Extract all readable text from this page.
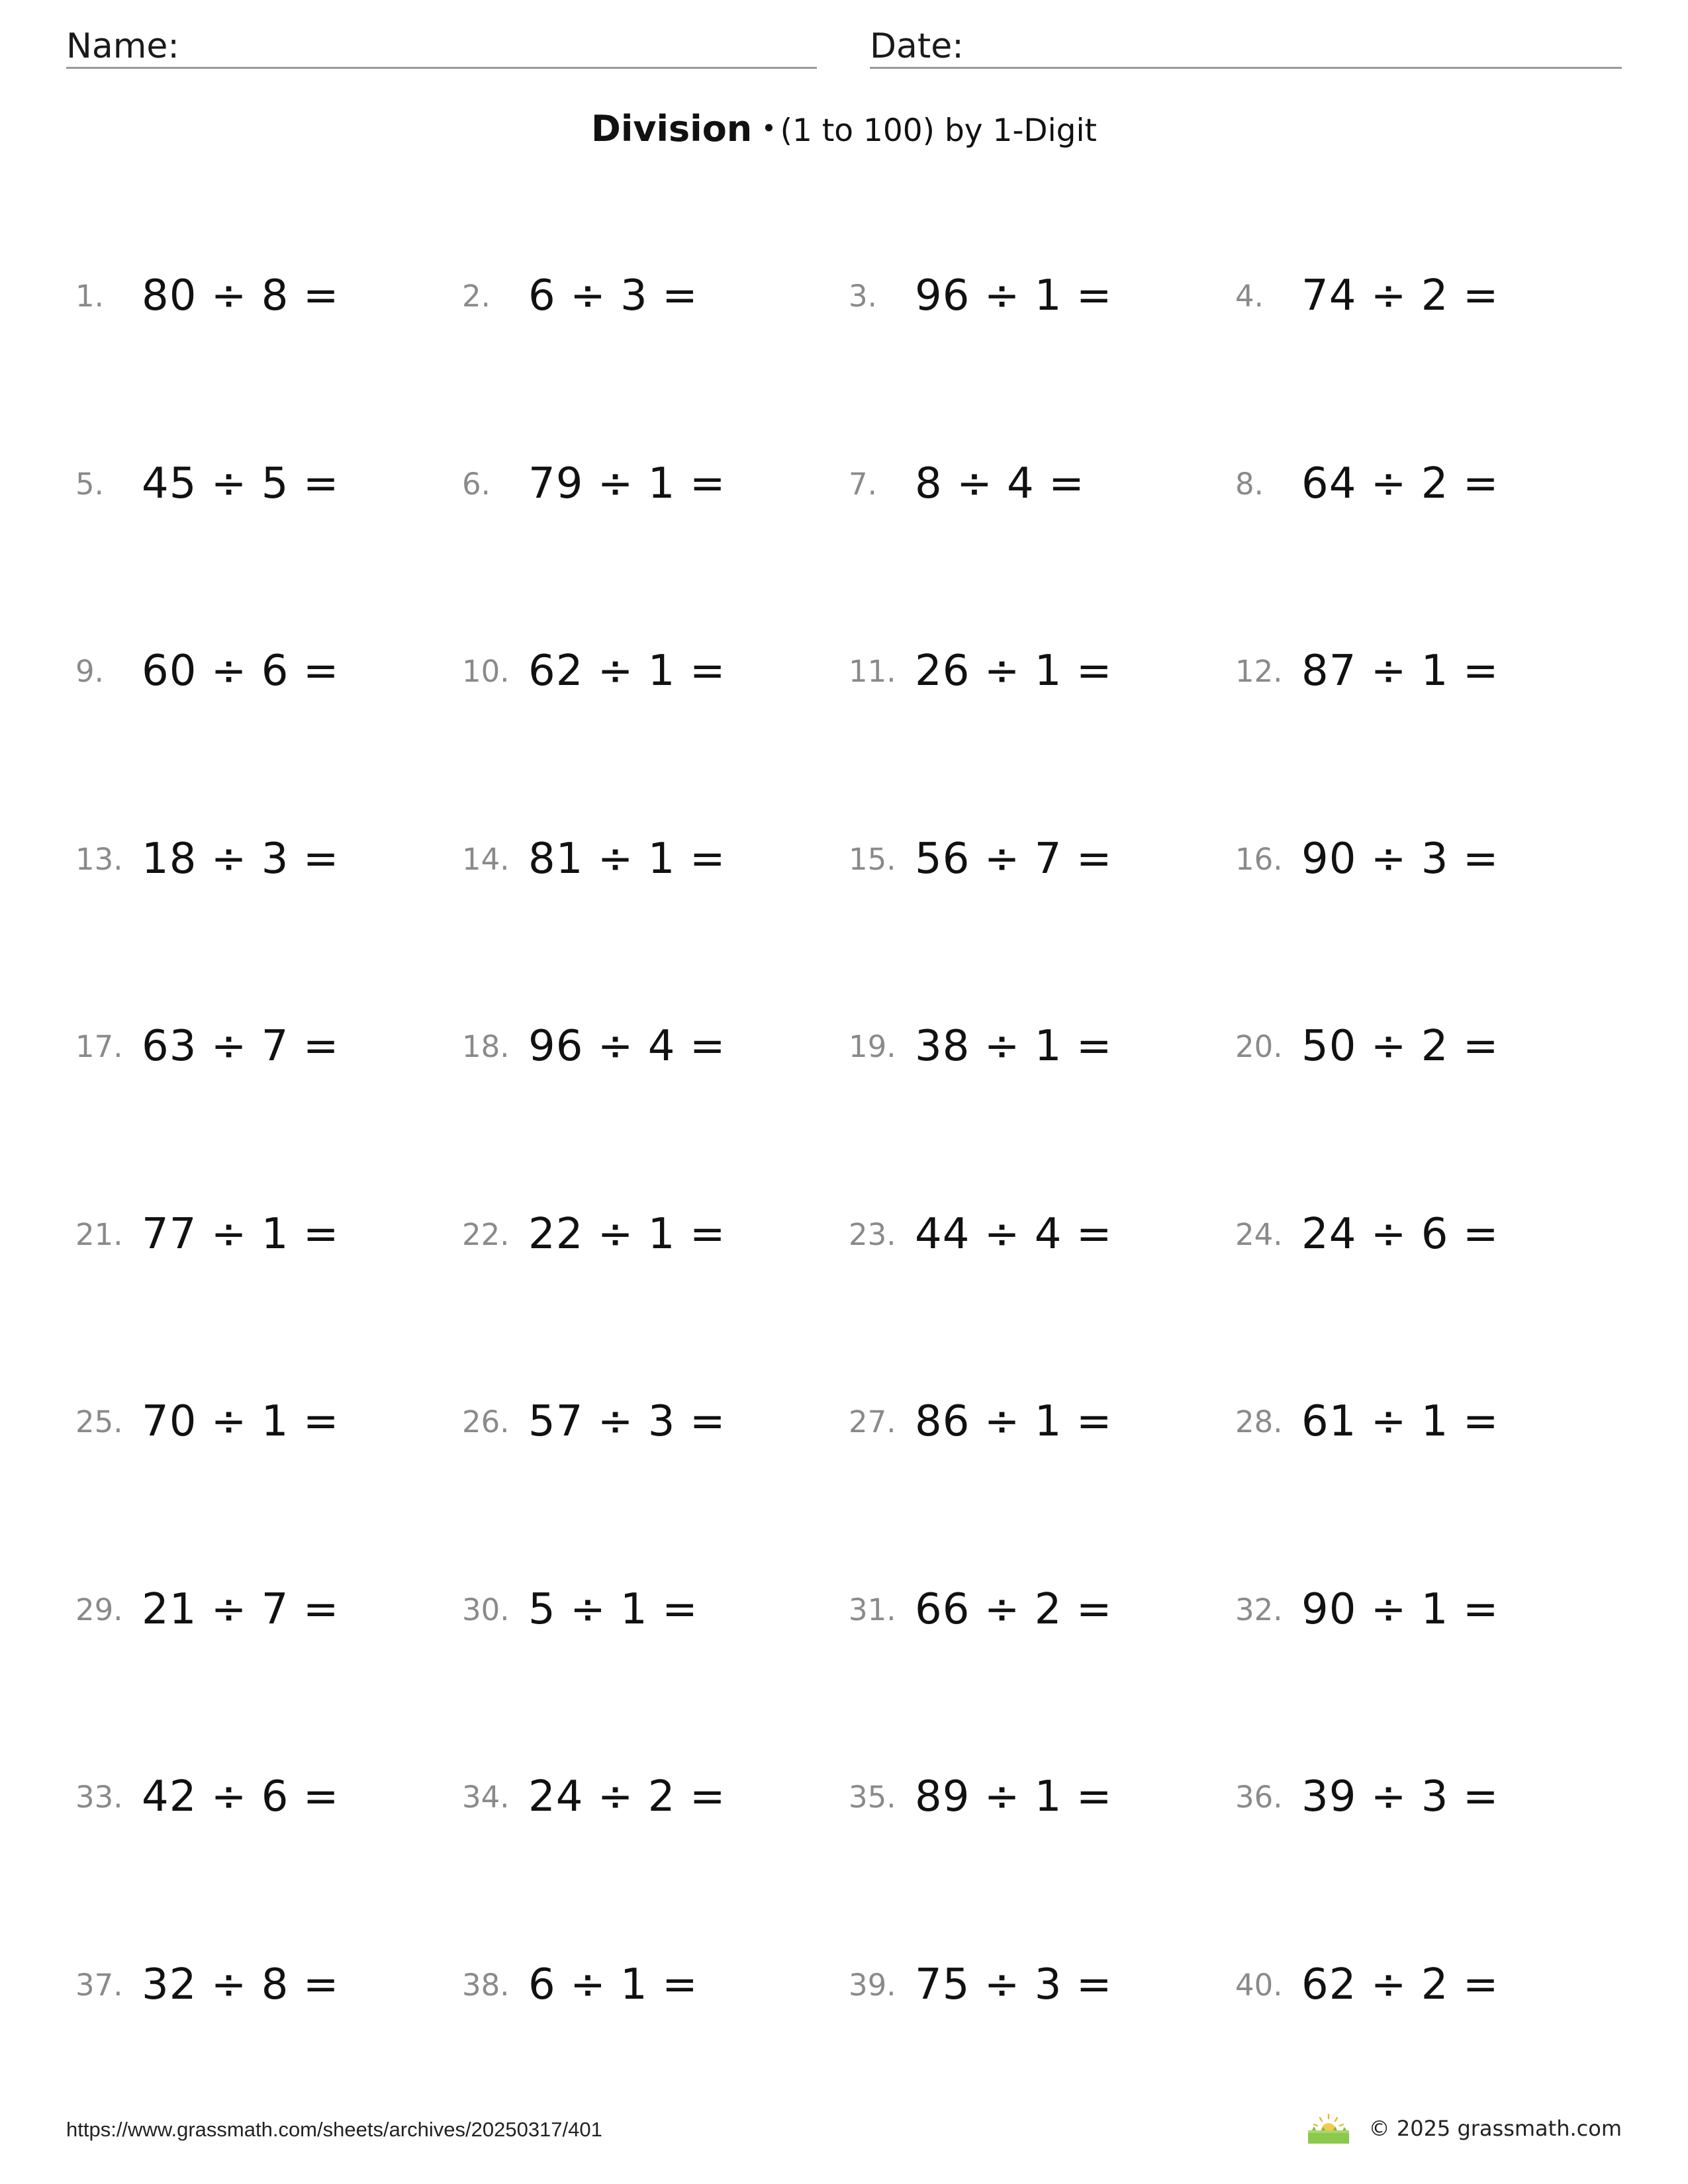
Name:	Date:
Division • (1 to 100) by 1-Digit
1. 80 ÷ 8 =	2. 6 ÷ 3 =	3. 96 ÷ 1 =	4. 74 ÷ 2 =
5. 45 ÷ 5 =	6. 79 ÷ 1 =	7. 8 ÷ 4 =	8. 64 ÷ 2 =
9. 60 ÷ 6 =	10. 62 ÷ 1 =	11. 26 ÷ 1 =	12. 87 ÷ 1 =
13. 18 ÷ 3 =	14. 81 ÷ 1 =	15. 56 ÷ 7 =	16. 90 ÷ 3 =
17. 63 ÷ 7 =	18. 96 ÷ 4 =	19. 38 ÷ 1 =	20. 50 ÷ 2 =
21. 77 ÷ 1 =	22. 22 ÷ 1 =	23. 44 ÷ 4 =	24. 24 ÷ 6 =
25. 70 ÷ 1 =	26. 57 ÷ 3 =	27. 86 ÷ 1 =	28. 61 ÷ 1 =
29. 21 ÷ 7 =	30. 5 ÷ 1 =	31. 66 ÷ 2 =	32. 90 ÷ 1 =
33. 42 ÷ 6 =	34. 24 ÷ 2 =	35. 89 ÷ 1 =	36. 39 ÷ 3 =
37. 32 ÷ 8 =	38. 6 ÷ 1 =	39. 75 ÷ 3 =	40. 62 ÷ 2 =
https://www.grassmath.com/sheets/archives/20250317/401	© 2025 grassmath.com
